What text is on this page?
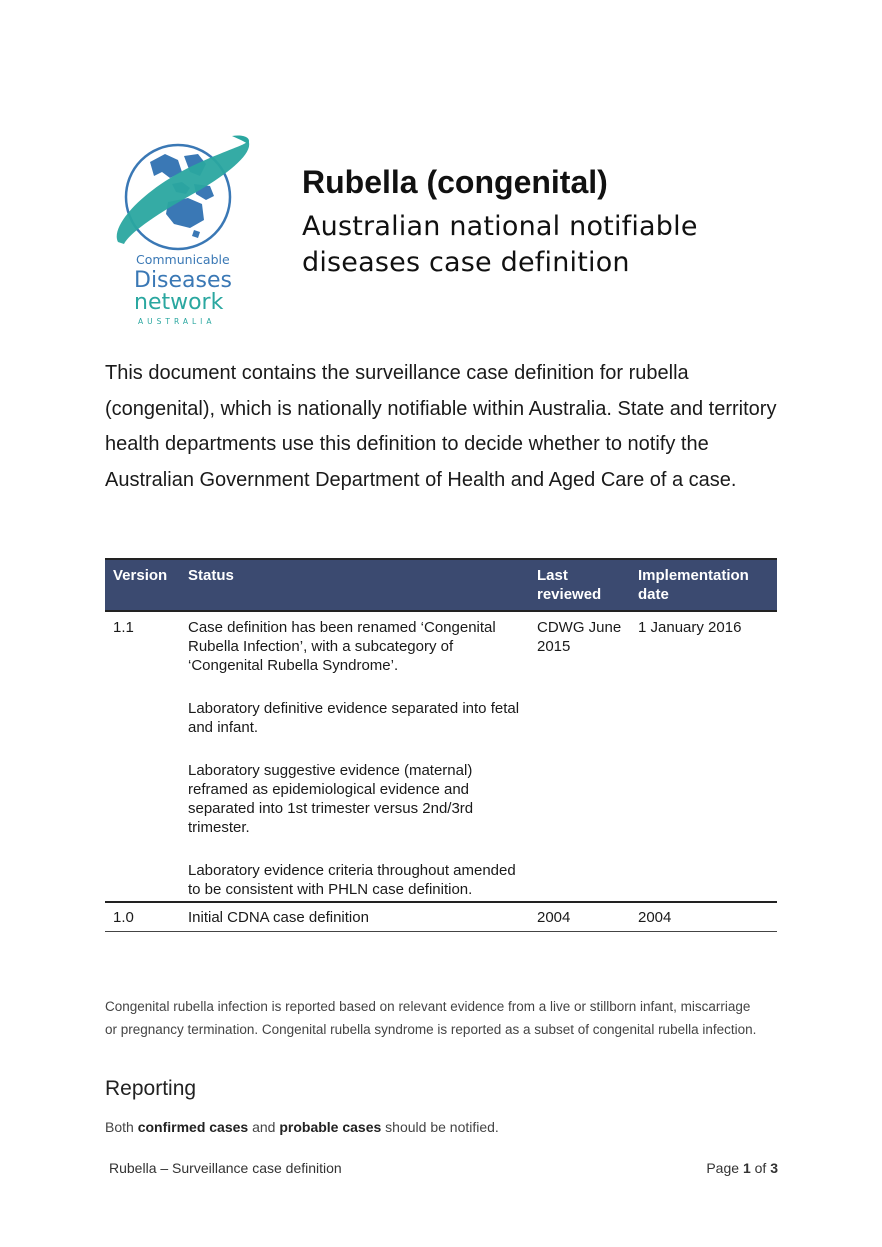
Communicable
Diseases
network
AUSTRALIA
Rubella (congenital)
Australian national notifiable
diseases case definition

This document contains the surveillance case definition for rubella (congenital), which is nationally notifiable within Australia. State and territory health departments use this definition to decide whether to notify the Australian Government Department of Health and Aged Care of a case.

Version	Status	Last reviewed	Implementation date
1.1	Case definition has been renamed ‘Congenital Rubella Infection’, with a subcategory of ‘Congenital Rubella Syndrome’.

Laboratory definitive evidence separated into fetal and infant.

Laboratory suggestive evidence (maternal) reframed as epidemiological evidence and separated into 1st trimester versus 2nd/3rd trimester.

Laboratory evidence criteria throughout amended to be consistent with PHLN case definition.	CDWG June 2015	1 January 2016
1.0	Initial CDNA case definition	2004	2004

Congenital rubella infection is reported based on relevant evidence from a live or stillborn infant, miscarriage or pregnancy termination. Congenital rubella syndrome is reported as a subset of congenital rubella infection.

Reporting

Both confirmed cases and probable cases should be notified.

Rubella – Surveillance case definition	Page 1 of 3
